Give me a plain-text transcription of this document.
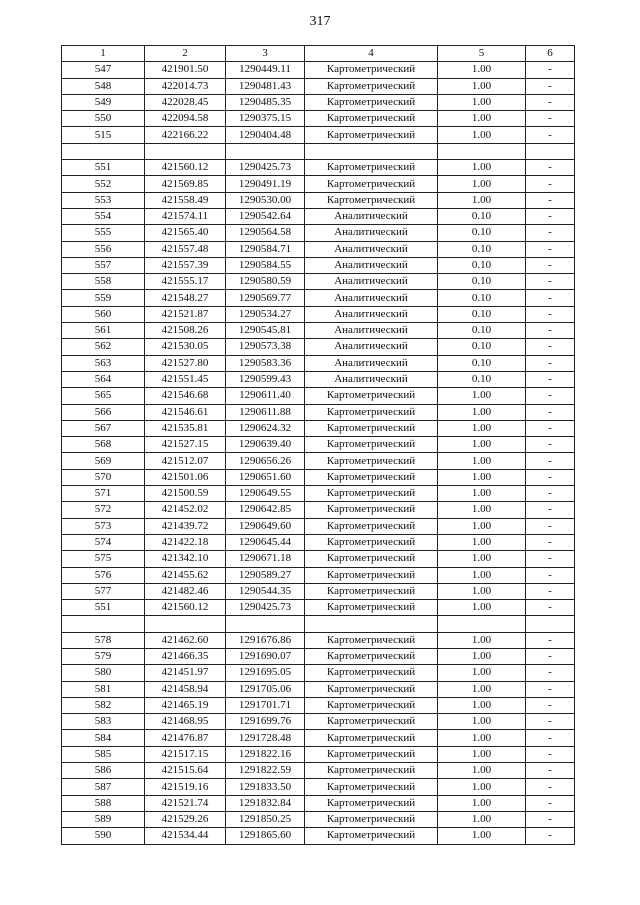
317
1	2	3	4	5	6
547	421901.50	1290449.11	Картометрический	1.00	-
548	422014.73	1290481.43	Картометрический	1.00	-
549	422028.45	1290485.35	Картометрический	1.00	-
550	422094.58	1290375.15	Картометрический	1.00	-
515	422166.22	1290404.48	Картометрический	1.00	-

551	421560.12	1290425.73	Картометрический	1.00	-
552	421569.85	1290491.19	Картометрический	1.00	-
553	421558.49	1290530.00	Картометрический	1.00	-
554	421574.11	1290542.64	Аналитический	0.10	-
555	421565.40	1290564.58	Аналитический	0.10	-
556	421557.48	1290584.71	Аналитический	0.10	-
557	421557.39	1290584.55	Аналитический	0.10	-
558	421555.17	1290580.59	Аналитический	0.10	-
559	421548.27	1290569.77	Аналитический	0.10	-
560	421521.87	1290534.27	Аналитический	0.10	-
561	421508.26	1290545.81	Аналитический	0.10	-
562	421530.05	1290573.38	Аналитический	0.10	-
563	421527.80	1290583.36	Аналитический	0.10	-
564	421551.45	1290599.43	Аналитический	0.10	-
565	421546.68	1290611.40	Картометрический	1.00	-
566	421546.61	1290611.88	Картометрический	1.00	-
567	421535.81	1290624.32	Картометрический	1.00	-
568	421527.15	1290639.40	Картометрический	1.00	-
569	421512.07	1290656.26	Картометрический	1.00	-
570	421501.06	1290651.60	Картометрический	1.00	-
571	421500.59	1290649.55	Картометрический	1.00	-
572	421452.02	1290642.85	Картометрический	1.00	-
573	421439.72	1290649.60	Картометрический	1.00	-
574	421422.18	1290645.44	Картометрический	1.00	-
575	421342.10	1290671.18	Картометрический	1.00	-
576	421455.62	1290589.27	Картометрический	1.00	-
577	421482.46	1290544.35	Картометрический	1.00	-
551	421560.12	1290425.73	Картометрический	1.00	-

578	421462.60	1291676.86	Картометрический	1.00	-
579	421466.35	1291690.07	Картометрический	1.00	-
580	421451.97	1291695.05	Картометрический	1.00	-
581	421458.94	1291705.06	Картометрический	1.00	-
582	421465.19	1291701.71	Картометрический	1.00	-
583	421468.95	1291699.76	Картометрический	1.00	-
584	421476.87	1291728.48	Картометрический	1.00	-
585	421517.15	1291822.16	Картометрический	1.00	-
586	421515.64	1291822.59	Картометрический	1.00	-
587	421519.16	1291833.50	Картометрический	1.00	-
588	421521.74	1291832.84	Картометрический	1.00	-
589	421529.26	1291850.25	Картометрический	1.00	-
590	421534.44	1291865.60	Картометрический	1.00	-
